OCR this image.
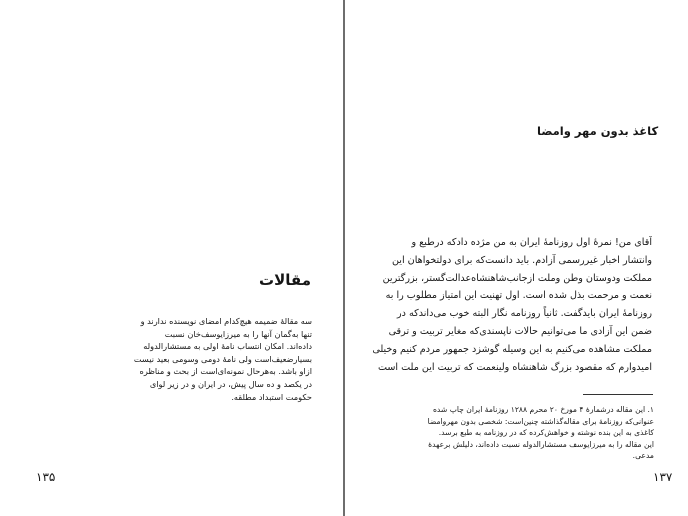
مقالات
سه مقالهٔ ضمیمه هیچ‌کدام امضای نویسنده ندارند و
تنها به‌گمان آنها را به میرزایوسف‌خان نسبت
داده‌اند. امکان انتساب نامهٔ اولی به مستشارالدوله
بسیارضعیف‌است ولی نامهٔ دومی وسومی بعید نیست
ازاو باشد. به‌هرحال نمونه‌ای‌است از بحث و مناظره
در یکصد و ده سال پیش، در ایران و در زیر لوای
حکومت استبداد مطلقه.
۱۳۵
کاغذ بدون مهر وامضا
آقای من! نمرهٔ اول روزنامهٔ ایران به من مژده دادکه درطبع و
وانتشار اخبار غیررسمی آزادم. باید دانست‌که برای دولتخواهان این
مملکت ودوستان وطن وملت ازجانب‌شاهنشاه‌عدالت‌گستر، بزرگترین
نعمت و مرحمت بذل شده است. اول تهنیت این امتیاز مطلوب را به
روزنامهٔ ایران بایدگفت. ثانیاً روزنامه نگار البته خوب می‌داندکه در
ضمن این آزادی ما می‌توانیم حالات ناپسندی‌که مغایر تربیت و ترقی
مملکت مشاهده می‌کنیم به این وسیله گوشزد جمهور مردم کنیم وخیلی
امیدوارم که مقصود بزرگ شاهنشاه ولینعمت که تربیت این ملت است
۱. این مقاله درشمارهٔ ۴ مورخ ۲۰ محرم ۱۲۸۸ روزنامهٔ ایران چاپ شده
عنوانی‌که روزنامهٔ برای مقاله‌گذاشته چنین‌است: شخصی بدون مهروامضا
کاغذی به این بنده نوشته و خواهش‌کرده که در روزنامه به طبع برسد.
این مقاله را به میرزایوسف مستشارالدوله نسبت داده‌اند، دلیلش برعهدهٔ
مدعی.
۱۳۷
